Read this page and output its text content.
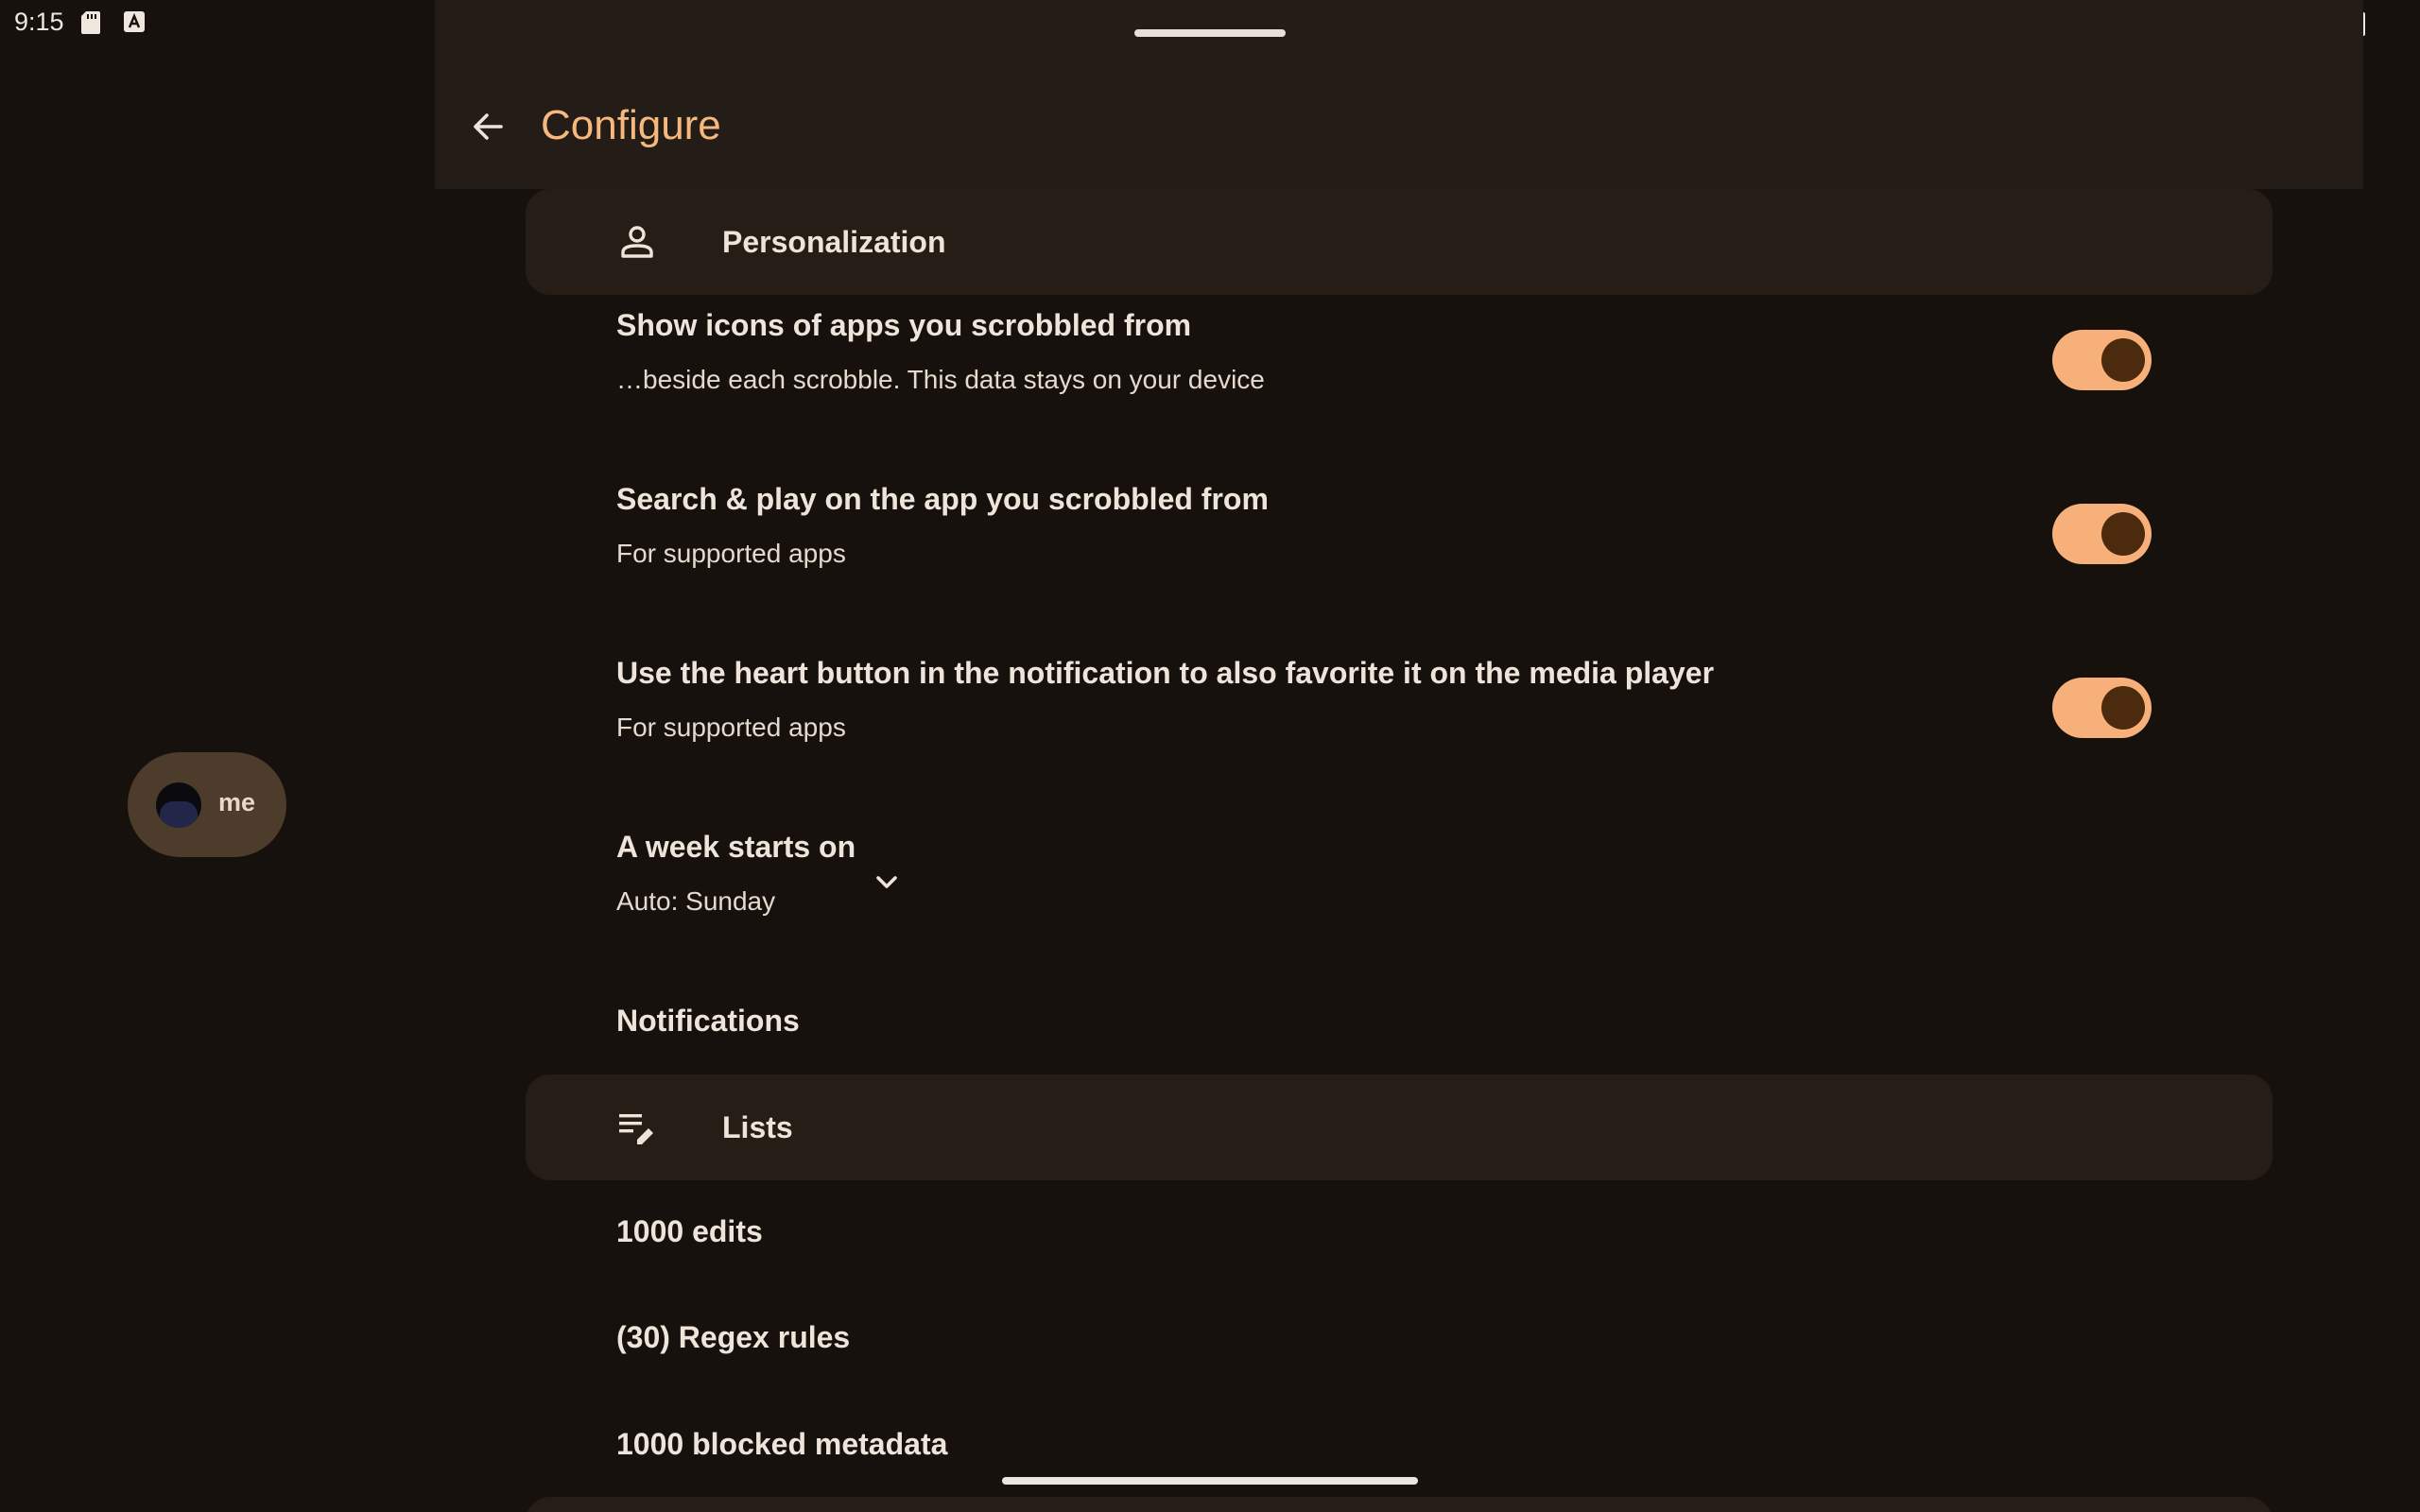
9:15
me
Configure
Personalization
Show icons of apps you scrobbled from
…beside each scrobble. This data stays on your device
Search & play on the app you scrobbled from
For supported apps
Use the heart button in the notification to also favorite it on the media player
For supported apps
A week starts on
Auto: Sunday
Notifications
Lists
1000 edits
(30) Regex rules
1000 blocked metadata
